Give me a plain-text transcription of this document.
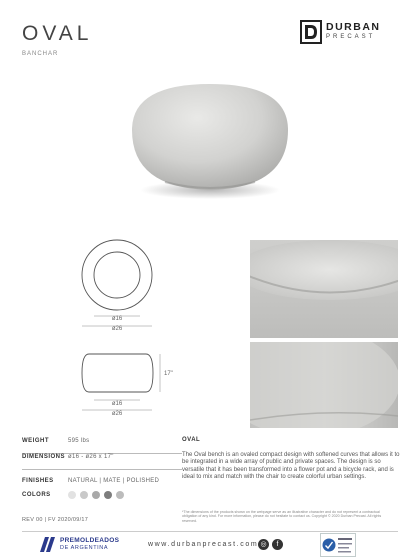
OVAL
BANCHAR
DURBAN
PRECAST
ø16
ø26
17"
ø16
ø26
WEIGHT	595 lbs
DIMENSIONS ø16 - ø26 x 17"
FINISHES NATURAL | MATE | POLISHED
COLORS
REV 00 | FV 2020/09/17
OVAL
The Oval bench is an ovaled compact design with softened curves that allows it to be integrated in a wide array of public and private spaces. The design is so versatile that it has been transformed into a flower pot and a bicycle rack, and is ideal to mix and match with the chair to create colorful urban settings.
*The dimensions of the products shown on the webpage serve as an illustrative character and do not represent a contractual obligation of any kind. For more information, please do not hesitate to contact us. Copyright © 2020 Durban Precast. All rights reserved.
PREMOLDEADOS
DE ARGENTINA	www.durbanprecast.com ◎	f
